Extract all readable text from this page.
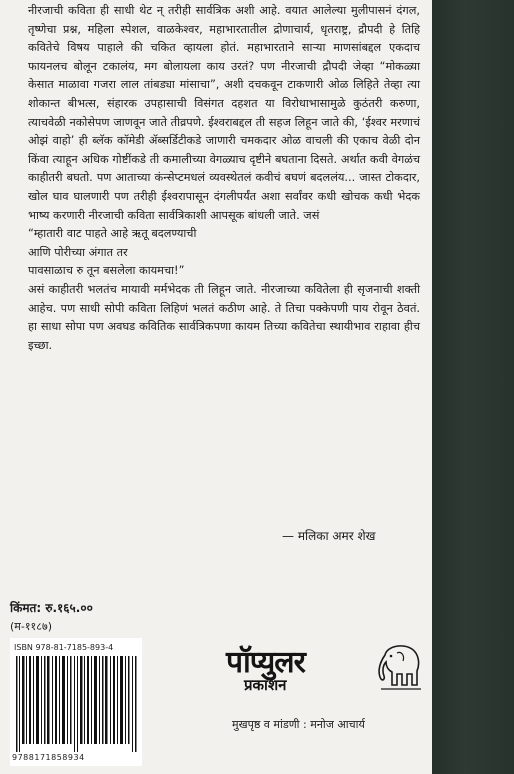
नीरजाची कविता ही साधी थेट न् तरीही सार्वत्रिक अशी आहे. वयात आलेल्या मुलीपासनं दंगल, तृष्णेचा प्रश्न, महिला स्पेशल, वाळकेश्वर, महाभारतातील द्रोणाचार्य, धृतराष्ट्र, द्रौपदी हे तिहि कवितेचे विषय पाहाले की चकित व्हायला होतं. महाभारताने साऱ्या माणसांबद्दल एकदाच फायनलच बोलून टकालंय, मग बोलायला काय उरतं? पण नीरजाची द्रौपदी जेव्हा “मोकळ्या केसात माळावा गजरा लाल तांबड्या मांसाचा”, अशी दचकवून टाकणारी ओळ लिहिते तेव्हा त्या शोकान्त बीभत्स, संहारक उपहासाची विसंगत दहशत या विरोधाभासामुळे कुठंतरी करुणा, त्याचवेळी नकोसेपण जाणवून जाते तीव्रपणे. ईश्वराबद्दल ती सहज लिहून जाते की, ‘ईश्वर मरणाचं ओझं वाहो’ ही ब्लॅक कॉमेडी ॲब्सर्डिटीकडे जाणारी चमकदार ओळ वाचली की एकाच वेळी दोन किंवा त्याहून अधिक गोष्टींकडे ती कमालीच्या वेगळ्याच दृष्टीने बघताना दिसते. अर्थात कवी वेगळंच काहीतरी बघतो. पण आताच्या कंन्सेप्टमधलं व्यवस्थेतलं कवीचं बघणं बदललंय... जास्त टोकदार, खोल घाव घालणारी पण तरीही ईश्वरापासून दंगलीपर्यंत अशा सर्वांवर कधी खोचक कधी भेदक भाष्य करणारी नीरजाची कविता सार्वत्रिकाशी आपसूक बांधली जाते. जसं

“म्हातारी वाट पाहते आहे ऋतू बदलण्याची
आणि पोरीच्या अंगात तर
पावसाळाच रु तून बसलेला कायमचा!”

असं काहीतरी भलतंच मायावी मर्मभेदक ती लिहून जाते. नीरजाच्या कवितेला ही सृजनाची शक्ती आहेच. पण साधी सोपी कविता लिहिणं भलतं कठीण आहे. ते तिचा पक्केपणी पाय रोवून ठेवतं. हा साधा सोपा पण अवघड कवितिक सार्वत्रिकपणा कायम तिच्या कवितेचा स्थायीभाव राहावा हीच इच्छा.

— मलिका अमर शेख
किंमत: रु.१६५.००
(म-११८७)
ISBN 978-81-7185-893-4
9788171858934
पॉप्युलर
प्रकाशन
मुखपृष्ठ व मांडणी : मनोज आचार्य
